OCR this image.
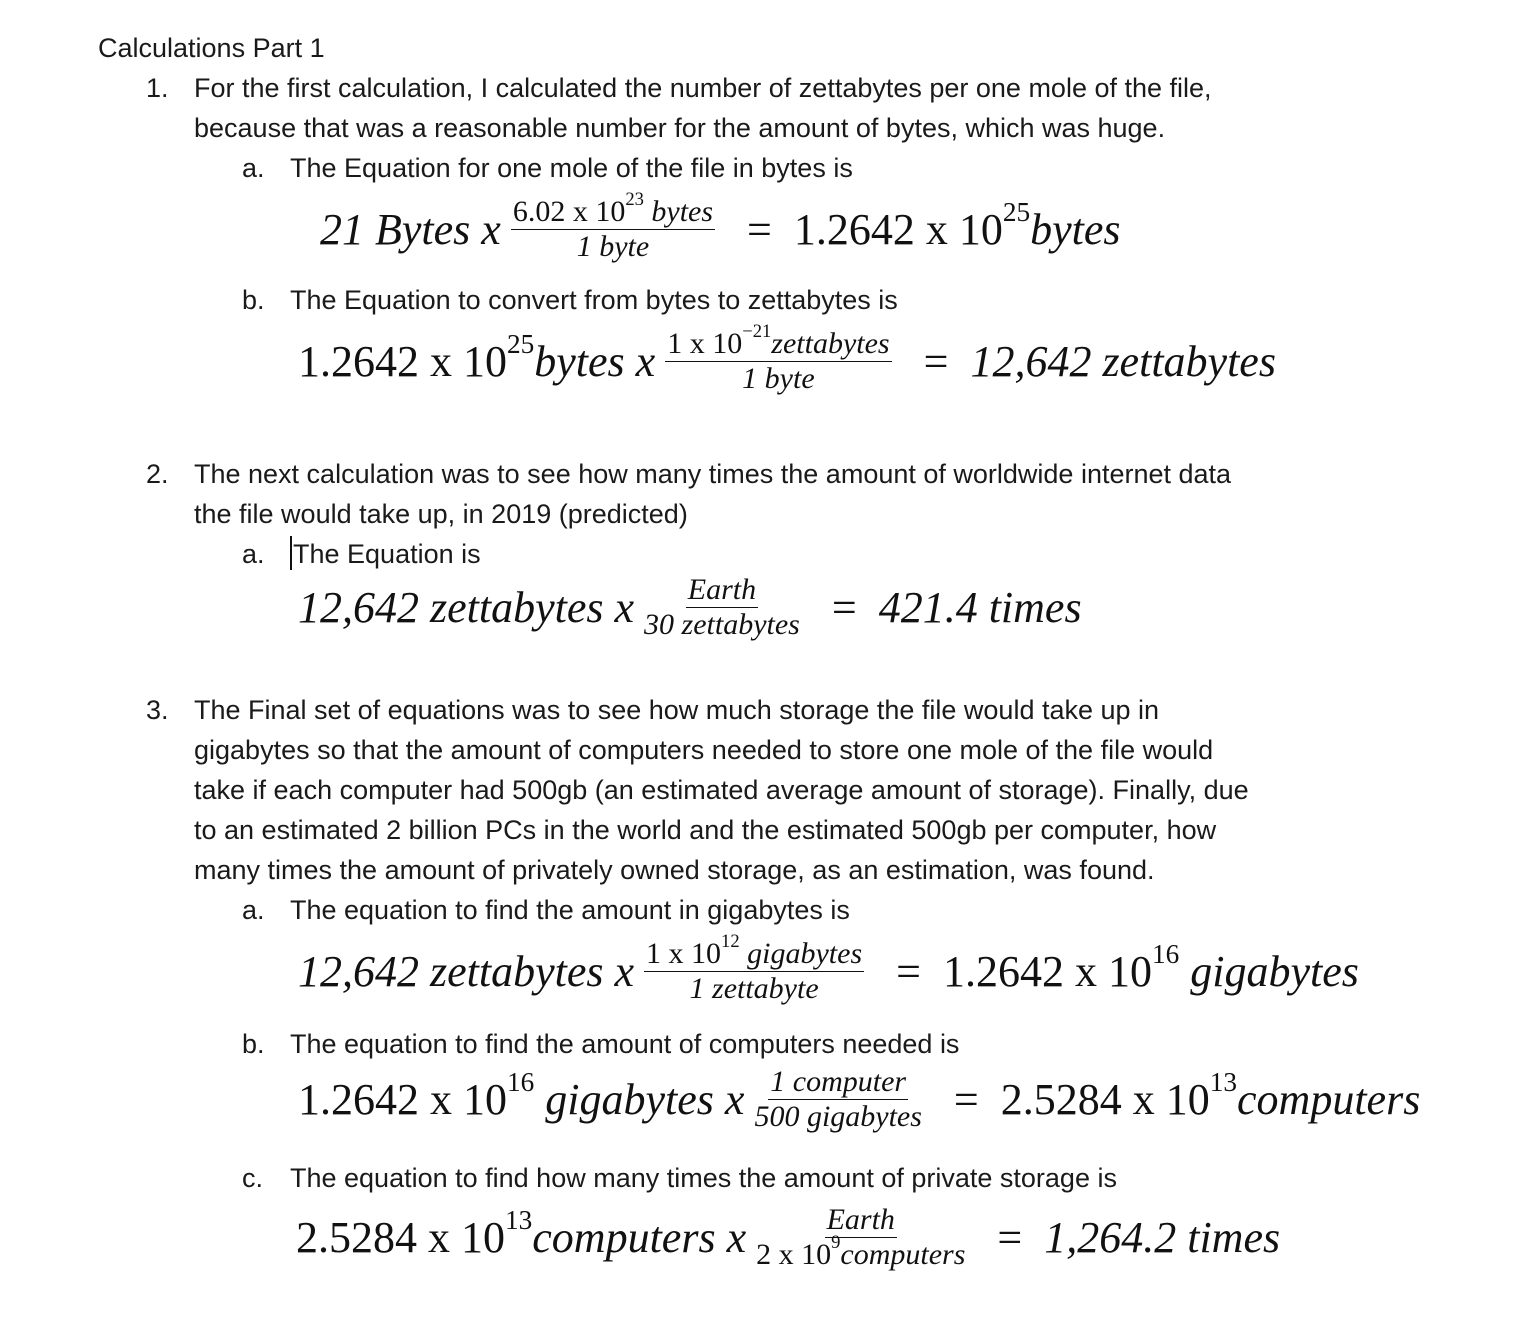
Calculations Part 1
1. For the first calculation, I calculated the number of zettabytes per one mole of the file,
because that was a reasonable number for the amount of bytes, which was huge.
a. The Equation for one mole of the file in bytes is
21 Bytes x $\frac{6.02 x 10^{23} bytes}{\text{1 byte}} = 1.2642$ x $10^{25}bytes$
b. The Equation to convert from bytes to zettabytes is
1.2642 x $10^{25}bytes$ x $\frac{1 x 10^{-21}zettabytes}{\text{1 byte}} = 12,642$ zettabytes
2. The next calculation was to see how many times the amount of worldwide internet data
the file would take up, in 2019 (predicted)
a. The Equation is
12,642 zettabytes x $\frac{\text{Earth}}{\text{30 zettabytes}} = 421.4$ times
3. The Final set of equations was to see how much storage the file would take up in
gigabytes so that the amount of computers needed to store one mole of the file would
take if each computer had 500gb (an estimated average amount of storage). Finally, due
to an estimated 2 billion PCs in the world and the estimated 500gb per computer, how
many times the amount of privately owned storage, as an estimation, was found.
a. The equation to find the amount in gigabytes is
12,642 zettabytes x $\frac{1 x 10^{12} gigabytes}{\text{1 zettabyte}} = 1.2642$ x $10^{16}$ gigabytes
b. The equation to find the amount of computers needed is
1.2642 x $10^{16}$ gigabytes x $\frac{\text{1 computer}}{\text{500 gigabytes}} = 2.5284$ x $10^{13}computers$
c. The equation to find how many times the amount of private storage is
2.5284 x $10^{13}computers$ x $\frac{\text{Earth}}{2 x 10^9computers} = 1,264.2$ times
